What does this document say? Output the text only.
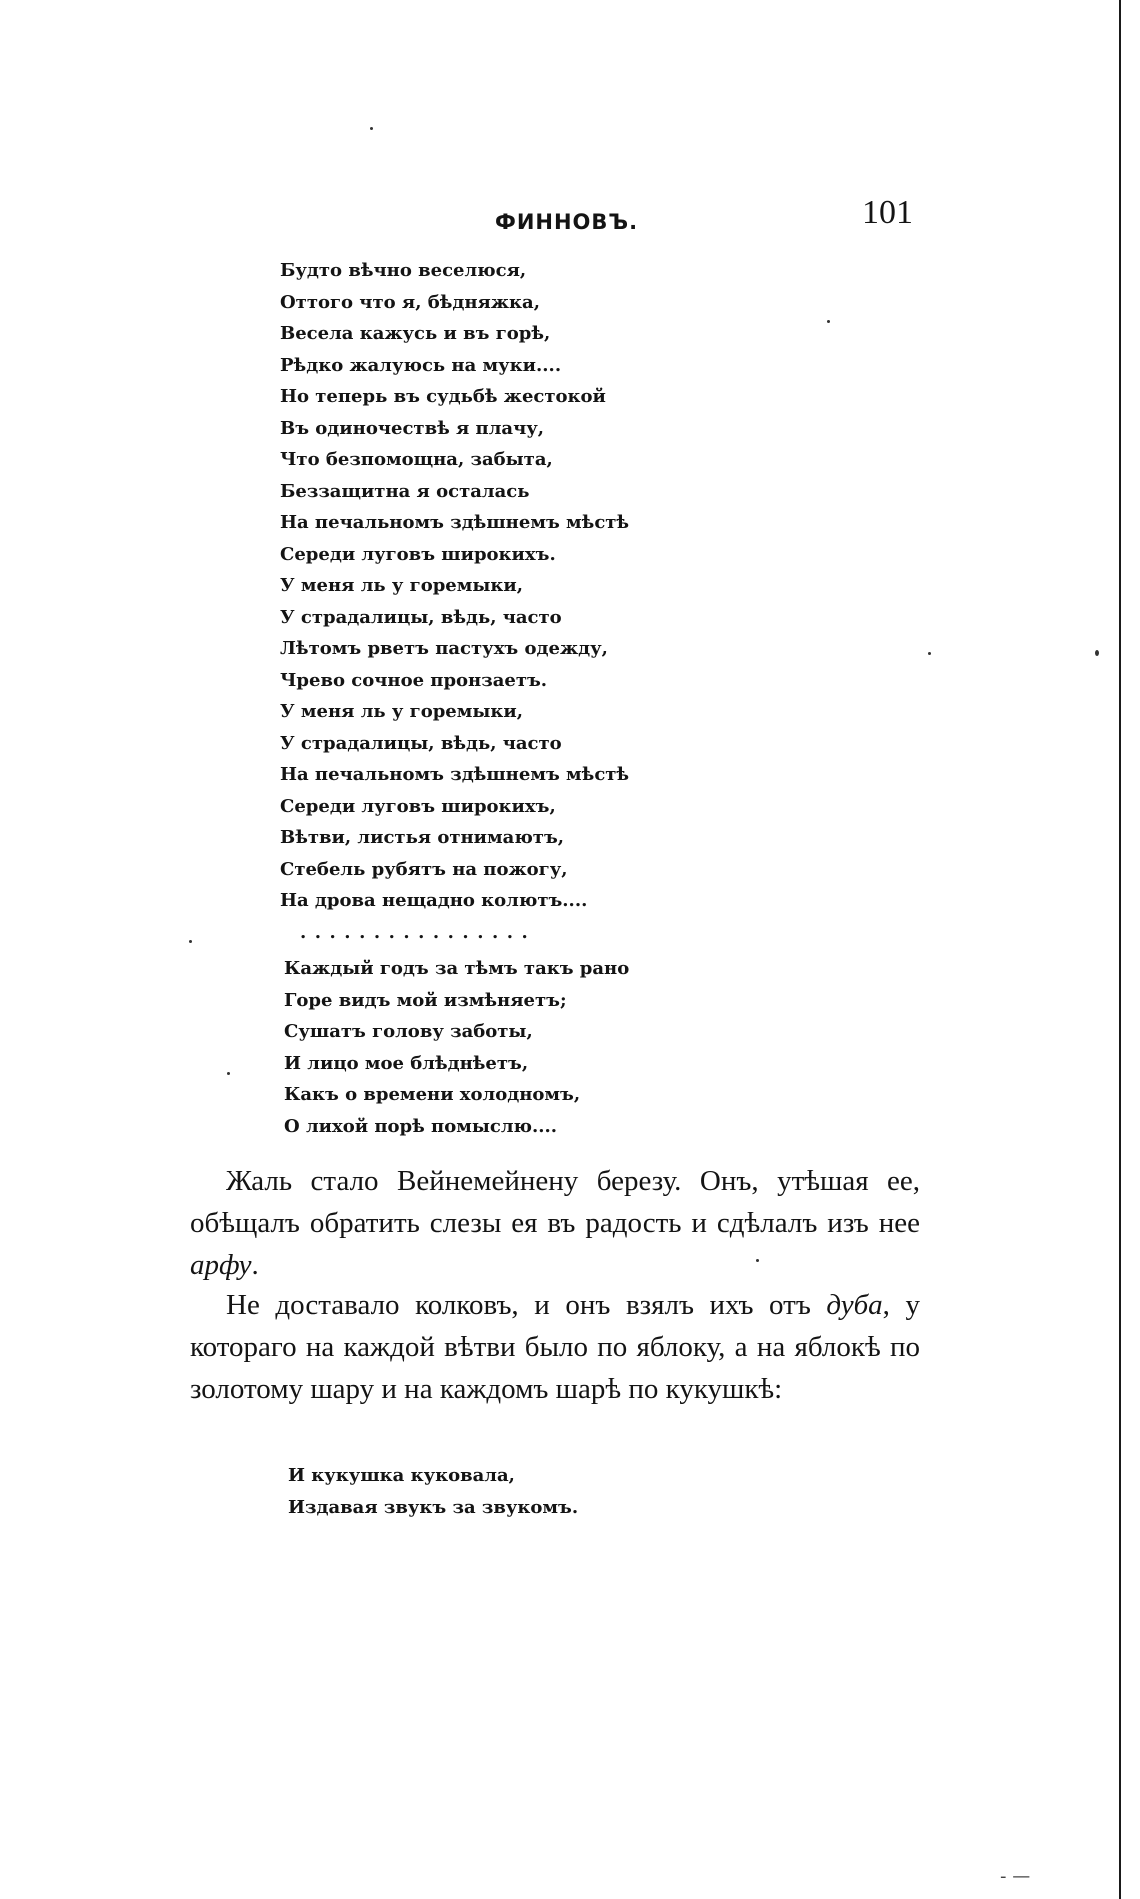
ФИННОВЪ.	101
Будто вѣчно веселюся,
Оттого что я, бѣдняжка,
Весела кажусь и въ горѣ,
Рѣдко жалуюсь на муки....
Но теперь въ судьбѣ жестокой
Въ одиночествѣ я плачу,
Что безпомощна, забыта,
Беззащитна я осталась
На печальномъ здѣшнемъ мѣстѣ
Середи луговъ широкихъ.
У меня ль у горемыки,
У страдалицы, вѣдь, часто
Лѣтомъ рветъ пастухъ одежду,
Чрево сочное пронзаетъ.
У меня ль у горемыки,
У страдалицы, вѣдь, часто
На печальномъ здѣшнемъ мѣстѣ
Середи луговъ широкихъ,
Вѣтви, листья отнимаютъ,
Стебель рубятъ на пожогу,
На дрова нещадно колютъ....
................
Каждый годъ за тѣмъ такъ рано
Горе видъ мой измѣняетъ;
Сушатъ голову заботы,
И лицо мое блѣднѣетъ,
Какъ о времени холодномъ,
О лихой порѣ помыслю....

Жаль стало Вейнемейнену березу. Онъ, утѣшая ее, обѣщалъ обратить слезы ея въ радость и сдѣлалъ изъ нее арфу.

Не доставало колковъ, и онъ взялъ ихъ отъ дуба, у котораго на каждой вѣтви было по яблоку, а на яблокѣ по золотому шару и на каждомъ шарѣ по кукушкѣ:

И кукушка куковала,
Издавая звукъ за звукомъ.
- —
